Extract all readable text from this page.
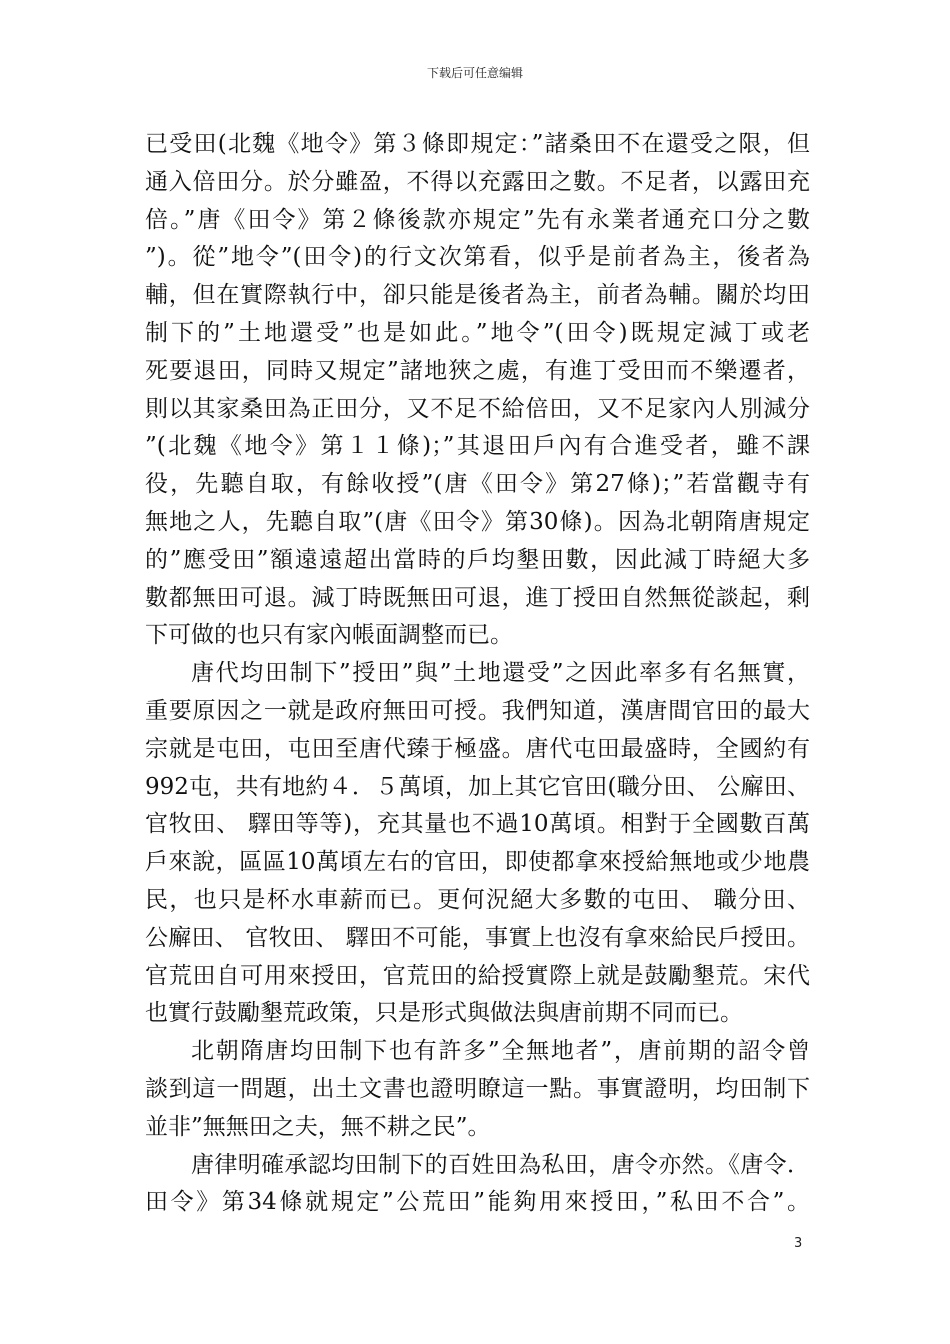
下载后可任意编辑
已受田(北魏《地令》第３條即規定：”諸桑田不在還受之限，但
通入倍田分。於分雖盈，不得以充露田之數。不足者，以露田充
倍。”唐《田令》第２條後款亦規定”先有永業者通充口分之數
”)。從”地令”(田令)的行文次第看，似乎是前者為主，後者為
輔，但在實際執行中，卻只能是後者為主，前者為輔。關於均田
制下的”土地還受”也是如此。”地令”(田令)既規定減丁或老
死要退田，同時又規定”諸地狹之處，有進丁受田而不樂遷者，
則以其家桑田為正田分，又不足不給倍田，又不足家內人別減分
”(北魏《地令》第１１條)；”其退田戶內有合進受者，雖不課
役，先聽自取，有餘收授”(唐《田令》第27條)；”若當觀寺有
無地之人，先聽自取”(唐《田令》第30條)。因為北朝隋唐規定
的”應受田”額遠遠超出當時的戶均墾田數，因此減丁時絕大多
數都無田可退。減丁時既無田可退，進丁授田自然無從談起，剩
下可做的也只有家內帳面調整而已。
唐代均田制下”授田”與”土地還受”之因此率多有名無實，
重要原因之一就是政府無田可授。我們知道，漢唐間官田的最大
宗就是屯田，屯田至唐代臻于極盛。唐代屯田最盛時，全國約有
992屯，共有地約４．５萬頃，加上其它官田(職分田、 公廨田、
官牧田、 驛田等等)，充其量也不過10萬頃。相對于全國數百萬
戶來說，區區10萬頃左右的官田，即使都拿來授給無地或少地農
民，也只是杯水車薪而已。更何況絕大多數的屯田、 職分田、
公廨田、 官牧田、 驛田不可能，事實上也沒有拿來給民戶授田。
官荒田自可用來授田，官荒田的給授實際上就是鼓勵墾荒。宋代
也實行鼓勵墾荒政策，只是形式與做法與唐前期不同而已。
北朝隋唐均田制下也有許多”全無地者”，唐前期的詔令曾
談到這一問題，出土文書也證明瞭這一點。事實證明，均田制下
並非”無無田之夫，無不耕之民”。
唐律明確承認均田制下的百姓田為私田，唐令亦然。《唐令．
田令》第34條就規定”公荒田”能夠用來授田，”私田不合”。
3
